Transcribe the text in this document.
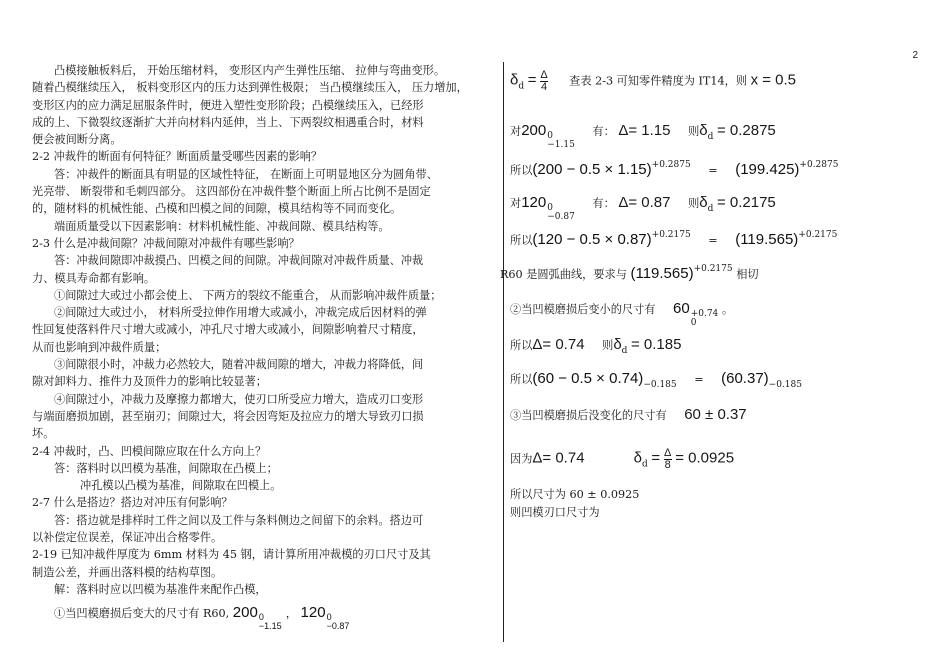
2

凸模接触板料后， 开始压缩材料， 变形区内产生弹性压缩、 拉伸与弯曲变形。

随着凸模继续压入， 板料变形区内的压力达到弹性极限； 当凸模继续压入， 压力增加，

变形区内的应力满足屈服条件时，便进入塑性变形阶段；凸模继续压入，已经形

成的上、下微裂纹逐渐扩大并向材料内延伸，当上、下两裂纹相遇重合时，材料

便会被间断分离。

2-2 冲裁件的断面有何特征？断面质量受哪些因素的影响？

答：冲裁件的断面具有明显的区域性特征， 在断面上可明显地区分为圆角带、

光亮带、 断裂带和毛刺四部分。 这四部份在冲裁件整个断面上所占比例不是固定

的，随材料的机械性能、凸模和凹模之间的间隙，模具结构等不同而变化。

端面质量受以下因素影响：材料机械性能、冲裁间隙、模具结构等。

2-3 什么是冲裁间隙？冲裁间隙对冲裁件有哪些影响？

答：冲裁间隙即冲裁摸凸、凹模之间的间隙。冲裁间隙对冲裁件质量、冲裁

力、模具寿命都有影响。

①间隙过大或过小都会使上、 下两方的裂纹不能重合， 从而影响冲裁件质量；

②间隙过大或过小， 材料所受拉伸作用增大或减小，冲裁完成后因材料的弹

性回复使落料件尺寸增大或减小，冲孔尺寸增大或减小，间隙影响着尺寸精度，

从而也影响到冲裁件质量；

③间隙很小时，冲裁力必然较大，随着冲裁间隙的增大，冲裁力将降低，间

隙对卸料力、推件力及顶件力的影响比较显著；

④间隙过小，冲裁力及摩擦力都增大，使刃口所受应力增大，造成刃口变形

与端面磨损加剧，甚至崩刃；间隙过大，将会因弯矩及拉应力的增大导致刃口损

坏。

2-4 冲裁时，凸、凹模间隙应取在什么方向上？

答：落料时以凹模为基准，间隙取在凸模上；

冲孔模以凸模为基准，间隙取在凹模上。

2-7 什么是搭边？搭边对冲压有何影响？

答：搭边就是排样时工件之间以及工件与条料侧边之间留下的余料。搭边可

以补偿定位误差，保证冲出合格零件。

2-19 已知冲裁件厚度为 6mm 材料为 45 钢，请计算所用冲裁模的刃口尺寸及其

制造公差，并画出落料模的结构草图。

解：落料时应以凹模为基准件来配作凸模，

①当凹模磨损后变大的尺寸有 R60, 200 0
−1.15
， 120 0
−0.87

$\delta_d = \frac{\Delta}{4}$ 查表 2-3 可知零件精度为 IT14，则 x = 0.5
对200 0
−1.15
有： Δ= 1.15 则$\delta_d = 0.2875$
所以$(200 - 0.5 \times 1.15)^{+0.2875} = (199.425)^{+0.2875}$
对120 0
−0.87
有： Δ= 0.87 则$\delta_d = 0.2175$
所以$(120 - 0.5 \times 0.87)^{+0.2175} = (119.565)^{+0.2175}$
R60 是圆弧曲线，要求与 $(119.565)^{+0.2175}$ 相切
②当凹模磨损后变小的尺寸有 60 +0.74
0
。
所以Δ= 0.74 则$\delta_d = 0.185$
所以$(60 - 0.5 \times 0.74)_{-0.185} = (60.37)_{-0.185}$
③当凹模磨损后没变化的尺寸有 60 ± 0.37
因为Δ= 0.74	$\delta_d = \frac{\Delta}{8} = 0.0925$
所以尺寸为 60 ± 0.0925
则凹模刃口尺寸为
